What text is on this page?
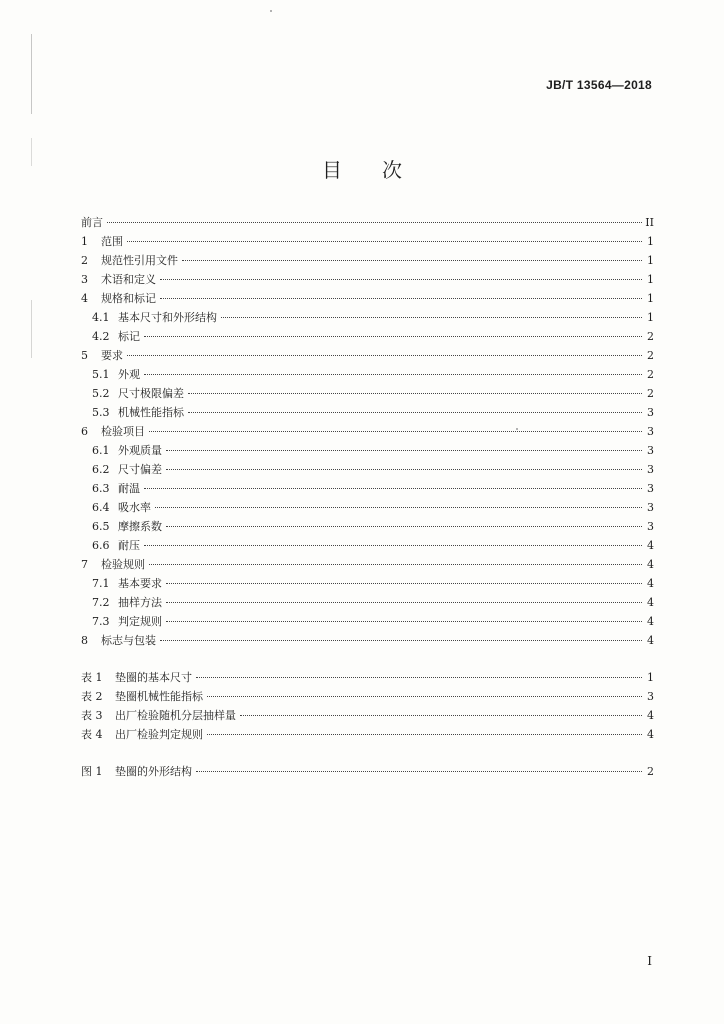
JB/T 13564—2018
目次
前言	II
1	范围	1
2	规范性引用文件	1
3	术语和定义	1
4	规格和标记	1
4.1 基本尺寸和外形结构	1
4.2 标记	2
5	要求	2
5.1 外观	2
5.2 尺寸极限偏差	2
5.3 机械性能指标	3
6	检验项目	3
6.1 外观质量	3
6.2 尺寸偏差	3
6.3 耐温	3
6.4 吸水率	3
6.5 摩擦系数	3
6.6 耐压	4
7	检验规则	4
7.1 基本要求	4
7.2 抽样方法	4
7.3 判定规则	4
8	标志与包装	4
表 1	垫圈的基本尺寸	1
表 2	垫圈机械性能指标	3
表 3	出厂检验随机分层抽样量	4
表 4	出厂检验判定规则	4
图 1	垫圈的外形结构	2
I
